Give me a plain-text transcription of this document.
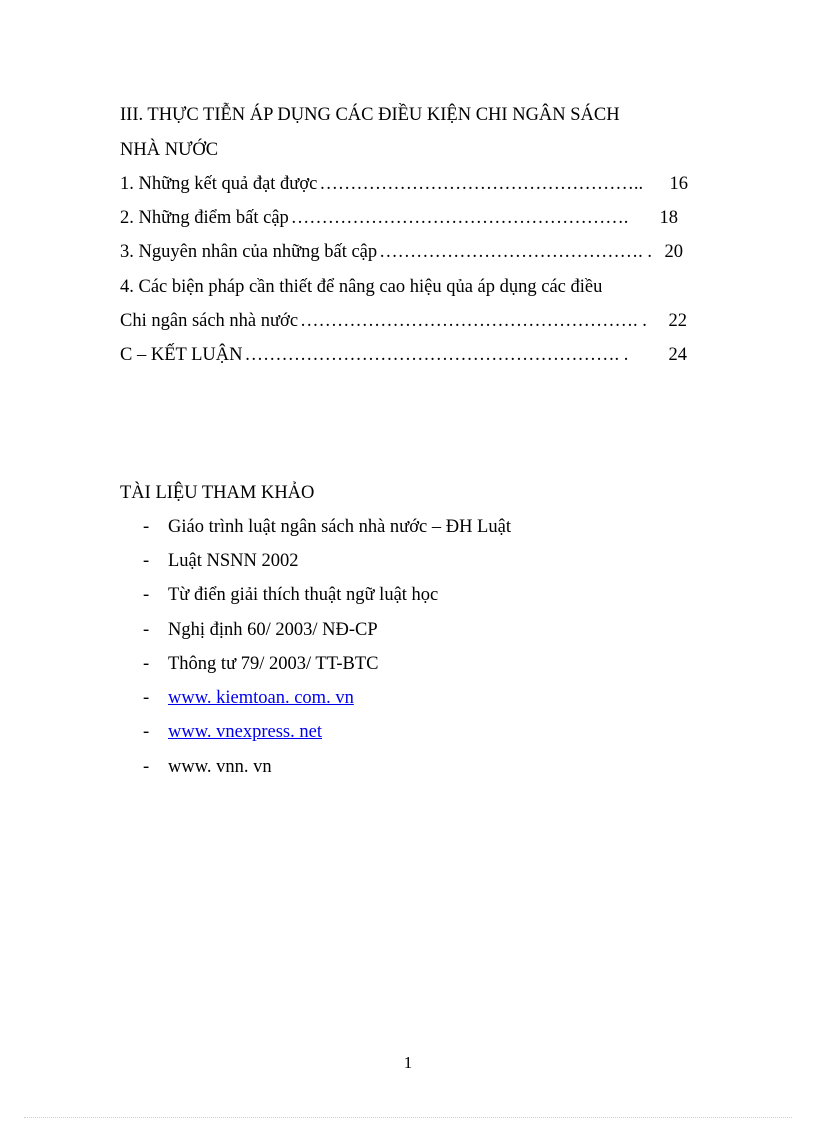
III. THỰC TIỄN ÁP DỤNG CÁC ĐIỀU KIỆN CHI NGÂN SÁCH
NHÀ NƯỚC
1. Những kết quả đạt được ……………………………………………..	16
2. Những điểm bất cập ……………………………………………….	18
3. Nguyên nhân của những bất cập ……………………………………. . 20
4. Các biện pháp cần thiết để nâng cao hiệu qủa áp dụng các điều
Chi ngân sách nhà nước ………………………………………………. .	22
C – KẾT LUẬN ……………………………………………………. .	24
TÀI LIỆU THAM KHẢO
- Giáo trình luật ngân sách nhà nước – ĐH Luật
- Luật NSNN 2002
- Từ điển giải thích thuật ngữ luật học
- Nghị định 60/ 2003/ NĐ-CP
- Thông tư 79/ 2003/ TT-BTC
- www. kiemtoan. com. vn
- www. vnexpress. net
- www. vnn. vn
1
